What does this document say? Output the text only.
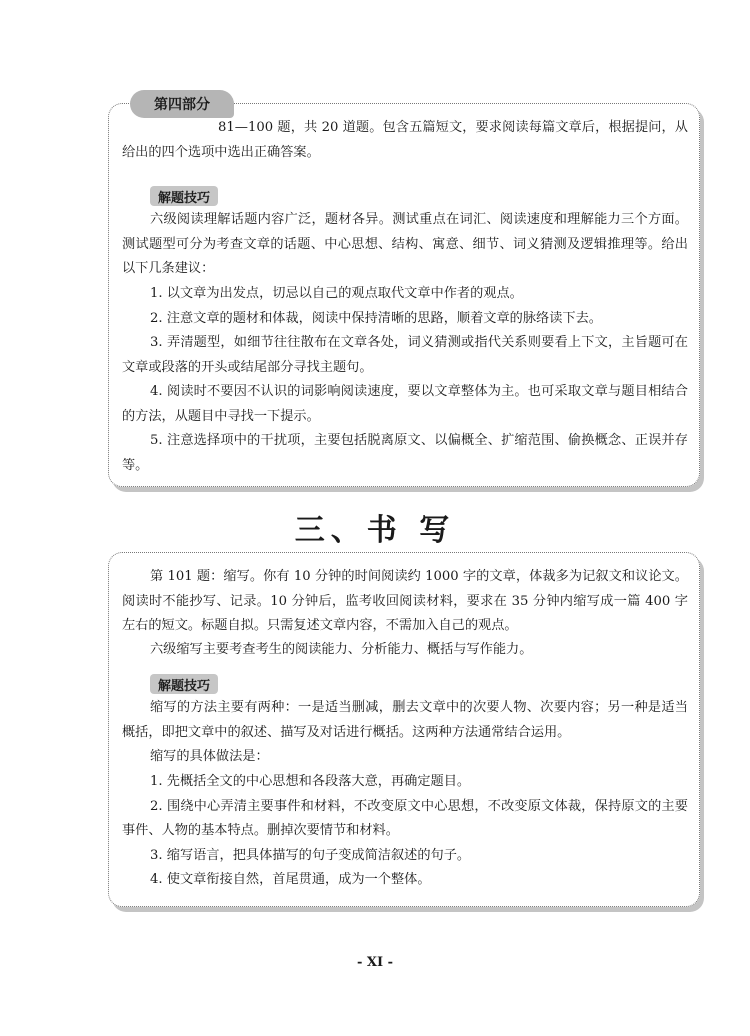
第四部分

81—100 题，共 20 道题。包含五篇短文，要求阅读每篇文章后，根据提问，从给出的四个选项中选出正确答案。

解题技巧

六级阅读理解话题内容广泛，题材各异。测试重点在词汇、阅读速度和理解能力三个方面。测试题型可分为考查文章的话题、中心思想、结构、寓意、细节、词义猜测及逻辑推理等。给出以下几条建议：

1. 以文章为出发点，切忌以自己的观点取代文章中作者的观点。

2. 注意文章的题材和体裁，阅读中保持清晰的思路，顺着文章的脉络读下去。

3. 弄清题型，如细节往往散布在文章各处，词义猜测或指代关系则要看上下文，主旨题可在文章或段落的开头或结尾部分寻找主题句。

4. 阅读时不要因不认识的词影响阅读速度，要以文章整体为主。也可采取文章与题目相结合的方法，从题目中寻找一下提示。

5. 注意选择项中的干扰项，主要包括脱离原文、以偏概全、扩缩范围、偷换概念、正误并存等。

三、书 写

第 101 题：缩写。你有 10 分钟的时间阅读约 1000 字的文章，体裁多为记叙文和议论文。阅读时不能抄写、记录。10 分钟后，监考收回阅读材料，要求在 35 分钟内缩写成一篇 400 字左右的短文。标题自拟。只需复述文章内容，不需加入自己的观点。

六级缩写主要考查考生的阅读能力、分析能力、概括与写作能力。

解题技巧

缩写的方法主要有两种：一是适当删减，删去文章中的次要人物、次要内容；另一种是适当概括，即把文章中的叙述、描写及对话进行概括。这两种方法通常结合运用。

缩写的具体做法是：

1. 先概括全文的中心思想和各段落大意，再确定题目。

2. 围绕中心弄清主要事件和材料，不改变原文中心思想，不改变原文体裁，保持原文的主要事件、人物的基本特点。删掉次要情节和材料。

3. 缩写语言，把具体描写的句子变成简洁叙述的句子。

4. 使文章衔接自然，首尾贯通，成为一个整体。

- XI -
